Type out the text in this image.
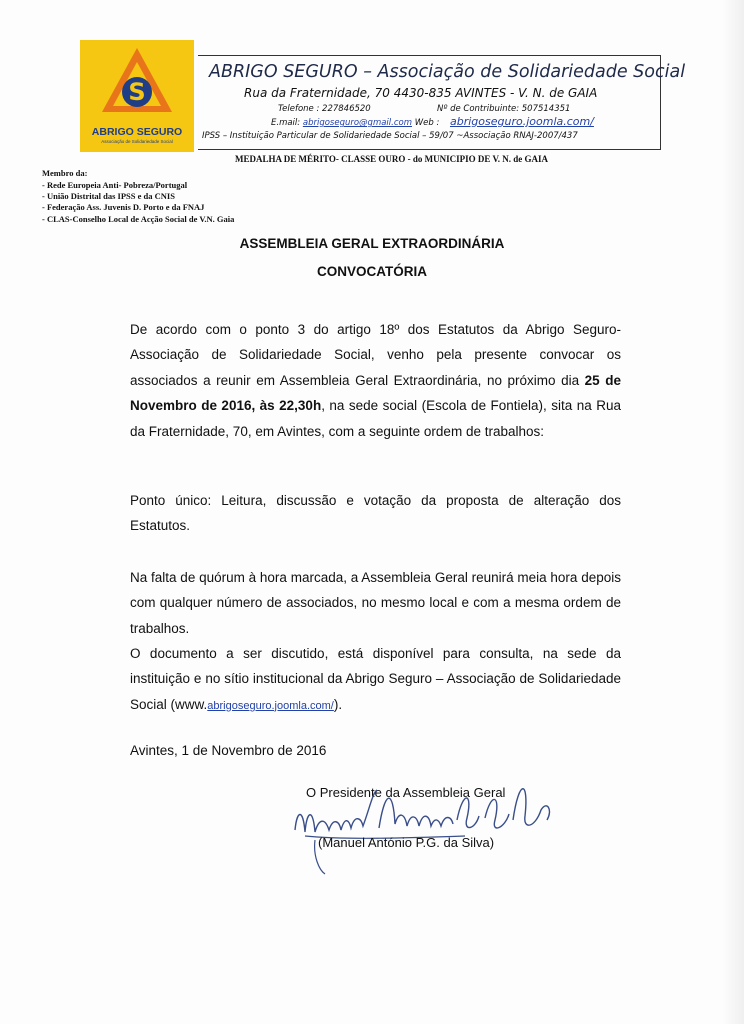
S
ABRIGO SEGURO
Associação de Solidariedade Social
ABRIGO SEGURO – Associação de Solidariedade Social
Rua da Fraternidade, 70 4430-835 AVINTES - V. N. de GAIA
Telefone : 227846520	Nº de Contribuinte: 507514351
E.mail: abrigoseguro@gmail.com Web : abrigoseguro.joomla.com/
IPSS – Instituição Particular de Solidariedade Social – 59/07 ~Associação RNAJ-2007/437
MEDALHA DE MÉRITO- CLASSE OURO - do MUNICIPIO DE V. N. de GAIA
Membro da:
- Rede Europeia Anti- Pobreza/Portugal
- União Distrital das IPSS e da CNIS
- Federação Ass. Juvenis D. Porto e da FNAJ
- CLAS-Conselho Local de Acção Social de V.N. Gaia
ASSEMBLEIA GERAL EXTRAORDINÁRIA
CONVOCATÓRIA
De acordo com o ponto 3 do artigo 18º dos Estatutos da Abrigo Seguro-Associação de Solidariedade Social, venho pela presente convocar os associados a reunir em Assembleia Geral Extraordinária, no próximo dia 25 de Novembro de 2016, às 22,30h, na sede social (Escola de Fontiela), sita na Rua da Fraternidade, 70, em Avintes, com a seguinte ordem de trabalhos:
Ponto único: Leitura, discussão e votação da proposta de alteração dos Estatutos.
Na falta de quórum à hora marcada, a Assembleia Geral reunirá meia hora depois com qualquer número de associados, no mesmo local e com a mesma ordem de trabalhos.
O documento a ser discutido, está disponível para consulta, na sede da instituição e no sítio institucional da Abrigo Seguro – Associação de Solidariedade Social (www.abrigoseguro.joomla.com/).
Avintes, 1 de Novembro de 2016
O Presidente da Assembleia Geral
(Manuel António P.G. da Silva)
